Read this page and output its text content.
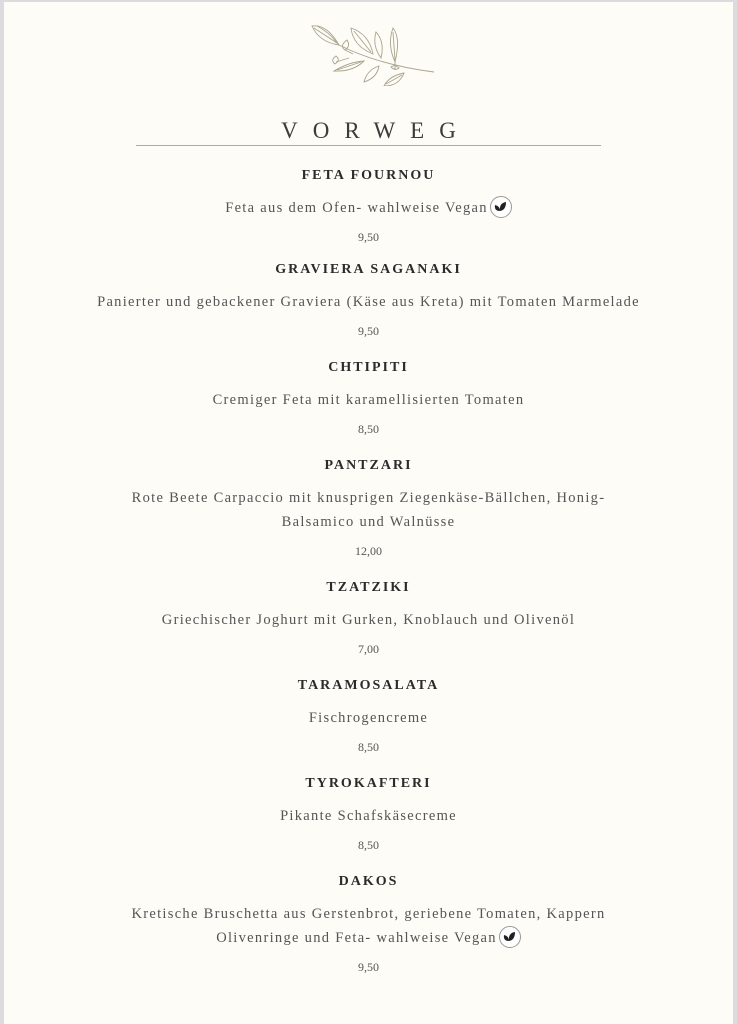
VORWEG
FETA FOURNOU
Feta aus dem Ofen- wahlweise Vegan
9,50
GRAVIERA SAGANAKI
Panierter und gebackener Graviera (Käse aus Kreta) mit Tomaten Marmelade
9,50
CHTIPITI
Cremiger Feta mit karamellisierten Tomaten
8,50
PANTZARI
Rote Beete Carpaccio mit knusprigen Ziegenkäse-Bällchen, Honig-Balsamico und Walnüsse
12,00
TZATZIKI
Griechischer Joghurt mit Gurken, Knoblauch und Olivenöl
7,00
TARAMOSALATA
Fischrogencreme
8,50
TYROKAFTERI
Pikante Schafskäsecreme
8,50
DAKOS
Kretische Bruschetta aus Gerstenbrot, geriebene Tomaten, Kappern Olivenringe und Feta- wahlweise Vegan
9,50
